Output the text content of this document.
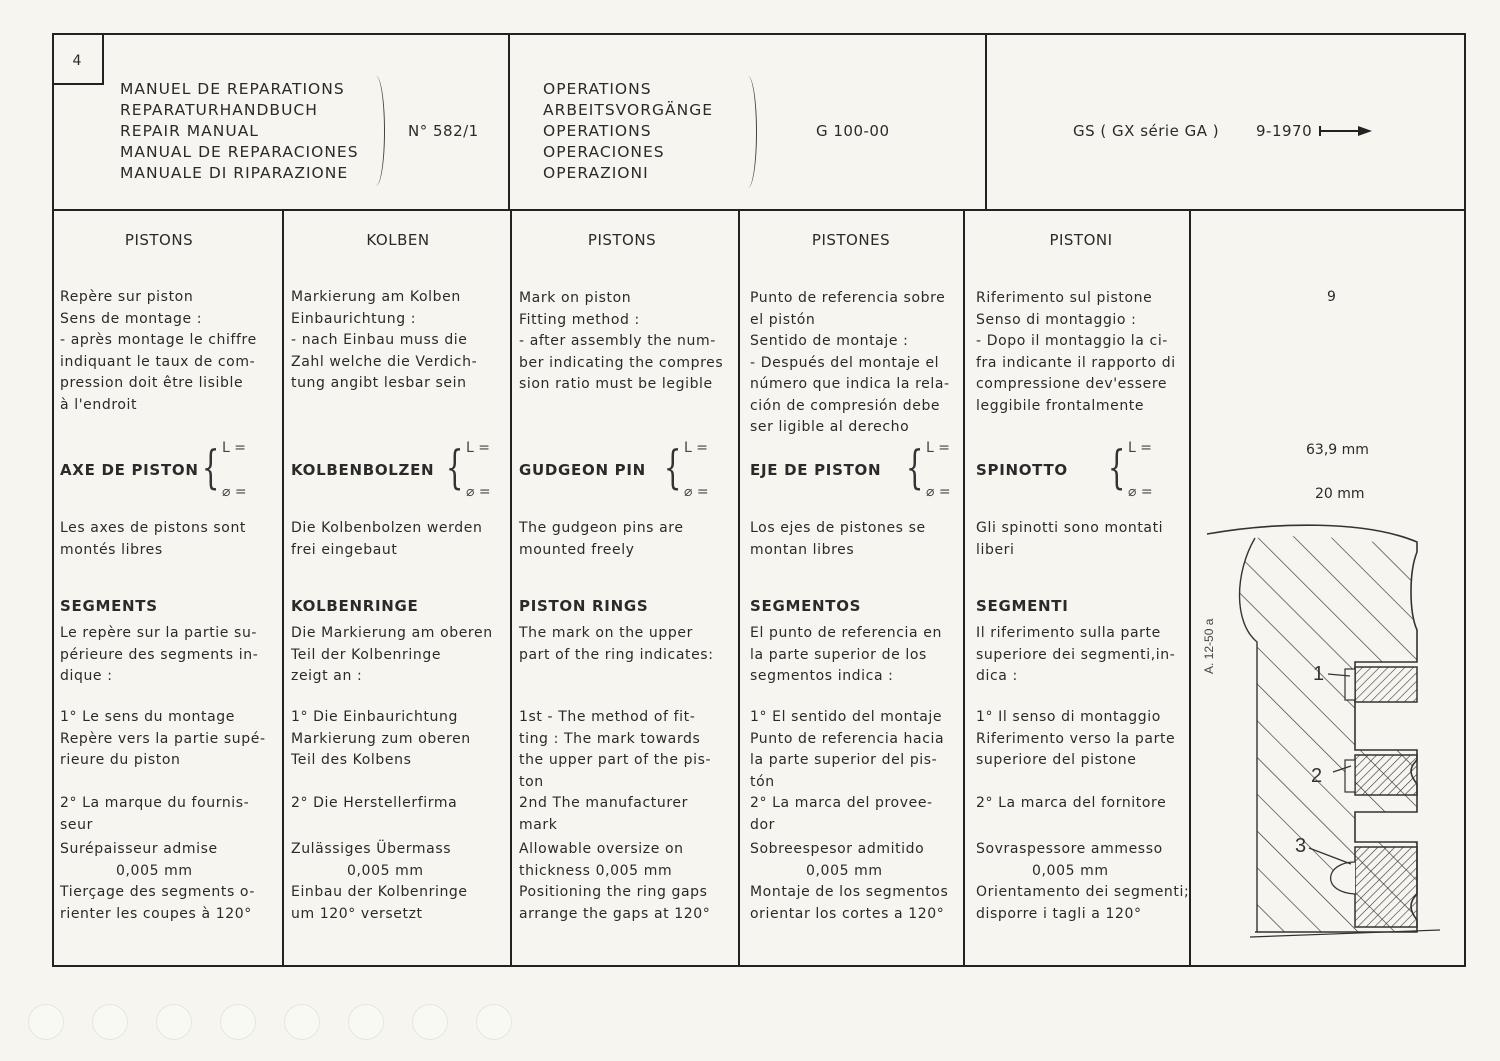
4
MANUEL DE REPARATIONS
REPARATURHANDBUCH
REPAIR MANUAL
MANUAL DE REPARACIONES
MANUALE DI RIPARAZIONE
N° 582/1
OPERATIONS
ARBEITSVORGÄNGE
OPERATIONS
OPERACIONES
OPERAZIONI
G 100-00	GS ( GX série GA ) 9-1970
PISTONS
Repère sur piston
Sens de montage :
- après montage le chiffre
indiquant le taux de com-
pression doit être lisible
à l'endroit
AXE DE PISTON { L =
⌀ =
Les axes de pistons sont
montés libres
SEGMENTS
Le repère sur la partie su-
périeure des segments in-
dique :
1° Le sens du montage
Repère vers la partie supé-
rieure du piston
2° La marque du fournis-
seur
Surépaisseur admise
0,005 mm
Tierçage des segments o-
rienter les coupes à 120°
KOLBEN
Markierung am Kolben
Einbaurichtung :
- nach Einbau muss die
Zahl welche die Verdich-
tung angibt lesbar sein
KOLBENBOLZEN { L =
⌀ =
Die Kolbenbolzen werden
frei eingebaut
KOLBENRINGE
Die Markierung am oberen
Teil der Kolbenringe
zeigt an :
1° Die Einbaurichtung
Markierung zum oberen
Teil des Kolbens
2° Die Herstellerfirma
Zulässiges Übermass
0,005 mm
Einbau der Kolbenringe
um 120° versetzt
PISTONS
Mark on piston
Fitting method :
- after assembly the num-
ber indicating the compres
sion ratio must be legible
GUDGEON PIN { L =
⌀ =
The gudgeon pins are
mounted freely
PISTON RINGS
The mark on the upper
part of the ring indicates:
1st - The method of fit-
ting : The mark towards
the upper part of the pis-
ton
2nd The manufacturer
mark
Allowable oversize on
thickness 0,005 mm
Positioning the ring gaps
arrange the gaps at 120°
PISTONES
Punto de referencia sobre
el pistón
Sentido de montaje :
- Después del montaje el
número que indica la rela-
ción de compresión debe
ser ligible al derecho
EJE DE PISTON { L =
⌀ =
Los ejes de pistones se
montan libres
SEGMENTOS
El punto de referencia en
la parte superior de los
segmentos indica :
1° El sentido del montaje
Punto de referencia hacia
la parte superior del pis-
tón
2° La marca del provee-
dor
Sobreespesor admitido
0,005 mm
Montaje de los segmentos
orientar los cortes a 120°
PISTONI
Riferimento sul pistone
Senso di montaggio :
- Dopo il montaggio la ci-
fra indicante il rapporto di
compressione dev'essere
leggibile frontalmente
SPINOTTO { L =
⌀ =
Gli spinotti sono montati
liberi
SEGMENTI
Il riferimento sulla parte
superiore dei segmenti,in-
dica :
1° Il senso di montaggio
Riferimento verso la parte
superiore del pistone
2° La marca del fornitore
Sovraspessore ammesso
0,005 mm
Orientamento dei segmenti;
disporre i tagli a 120°
9
63,9 mm
20 mm
1
2
3
A. 12-50 a
